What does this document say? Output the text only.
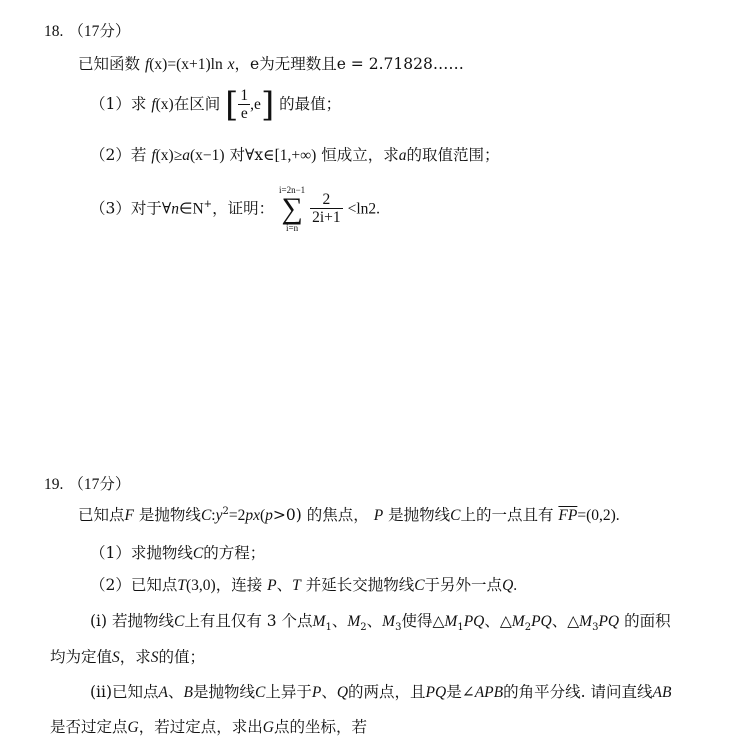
18. （17分）
已知函数 f(x)=(x+1)ln x，e为无理数且e = 2.71828……
（1）求 f(x)在区间 [ $\frac{1}{e} ,e$] 的最值；
（2）若 f(x)≥a(x−1) 对∀x∈[1,+∞) 恒成立，求a的取值范围；
（3）对于∀n∈N+，证明：
i=2n−1
∑
i=n

$\frac{2}{2i+1} <\ln 2$.
19. （17分）
已知点F 是抛物线$C:y^2=2px(p>0)$ 的焦点， P 是抛物线C上的一点且有 $\overline{FP}=(0,2)$.
（1）求抛物线C的方程；
（2）已知点T(3,0)，连接 P、T 并延长交抛物线C于另外一点Q.
(i) 若抛物线C上有且仅有 3 个点$M_1$、$M_2$、$M_3$使得$\triangle M_1PQ$、$\triangle M_2PQ$、$\triangle M_3PQ$ 的面积
均为定值S，求S的值；
(ii)已知点A、B是抛物线C上异于P、Q的两点，且PQ是∠APB的角平分线. 请问直线AB
是否过定点G，若过定点，求出G点的坐标，若
